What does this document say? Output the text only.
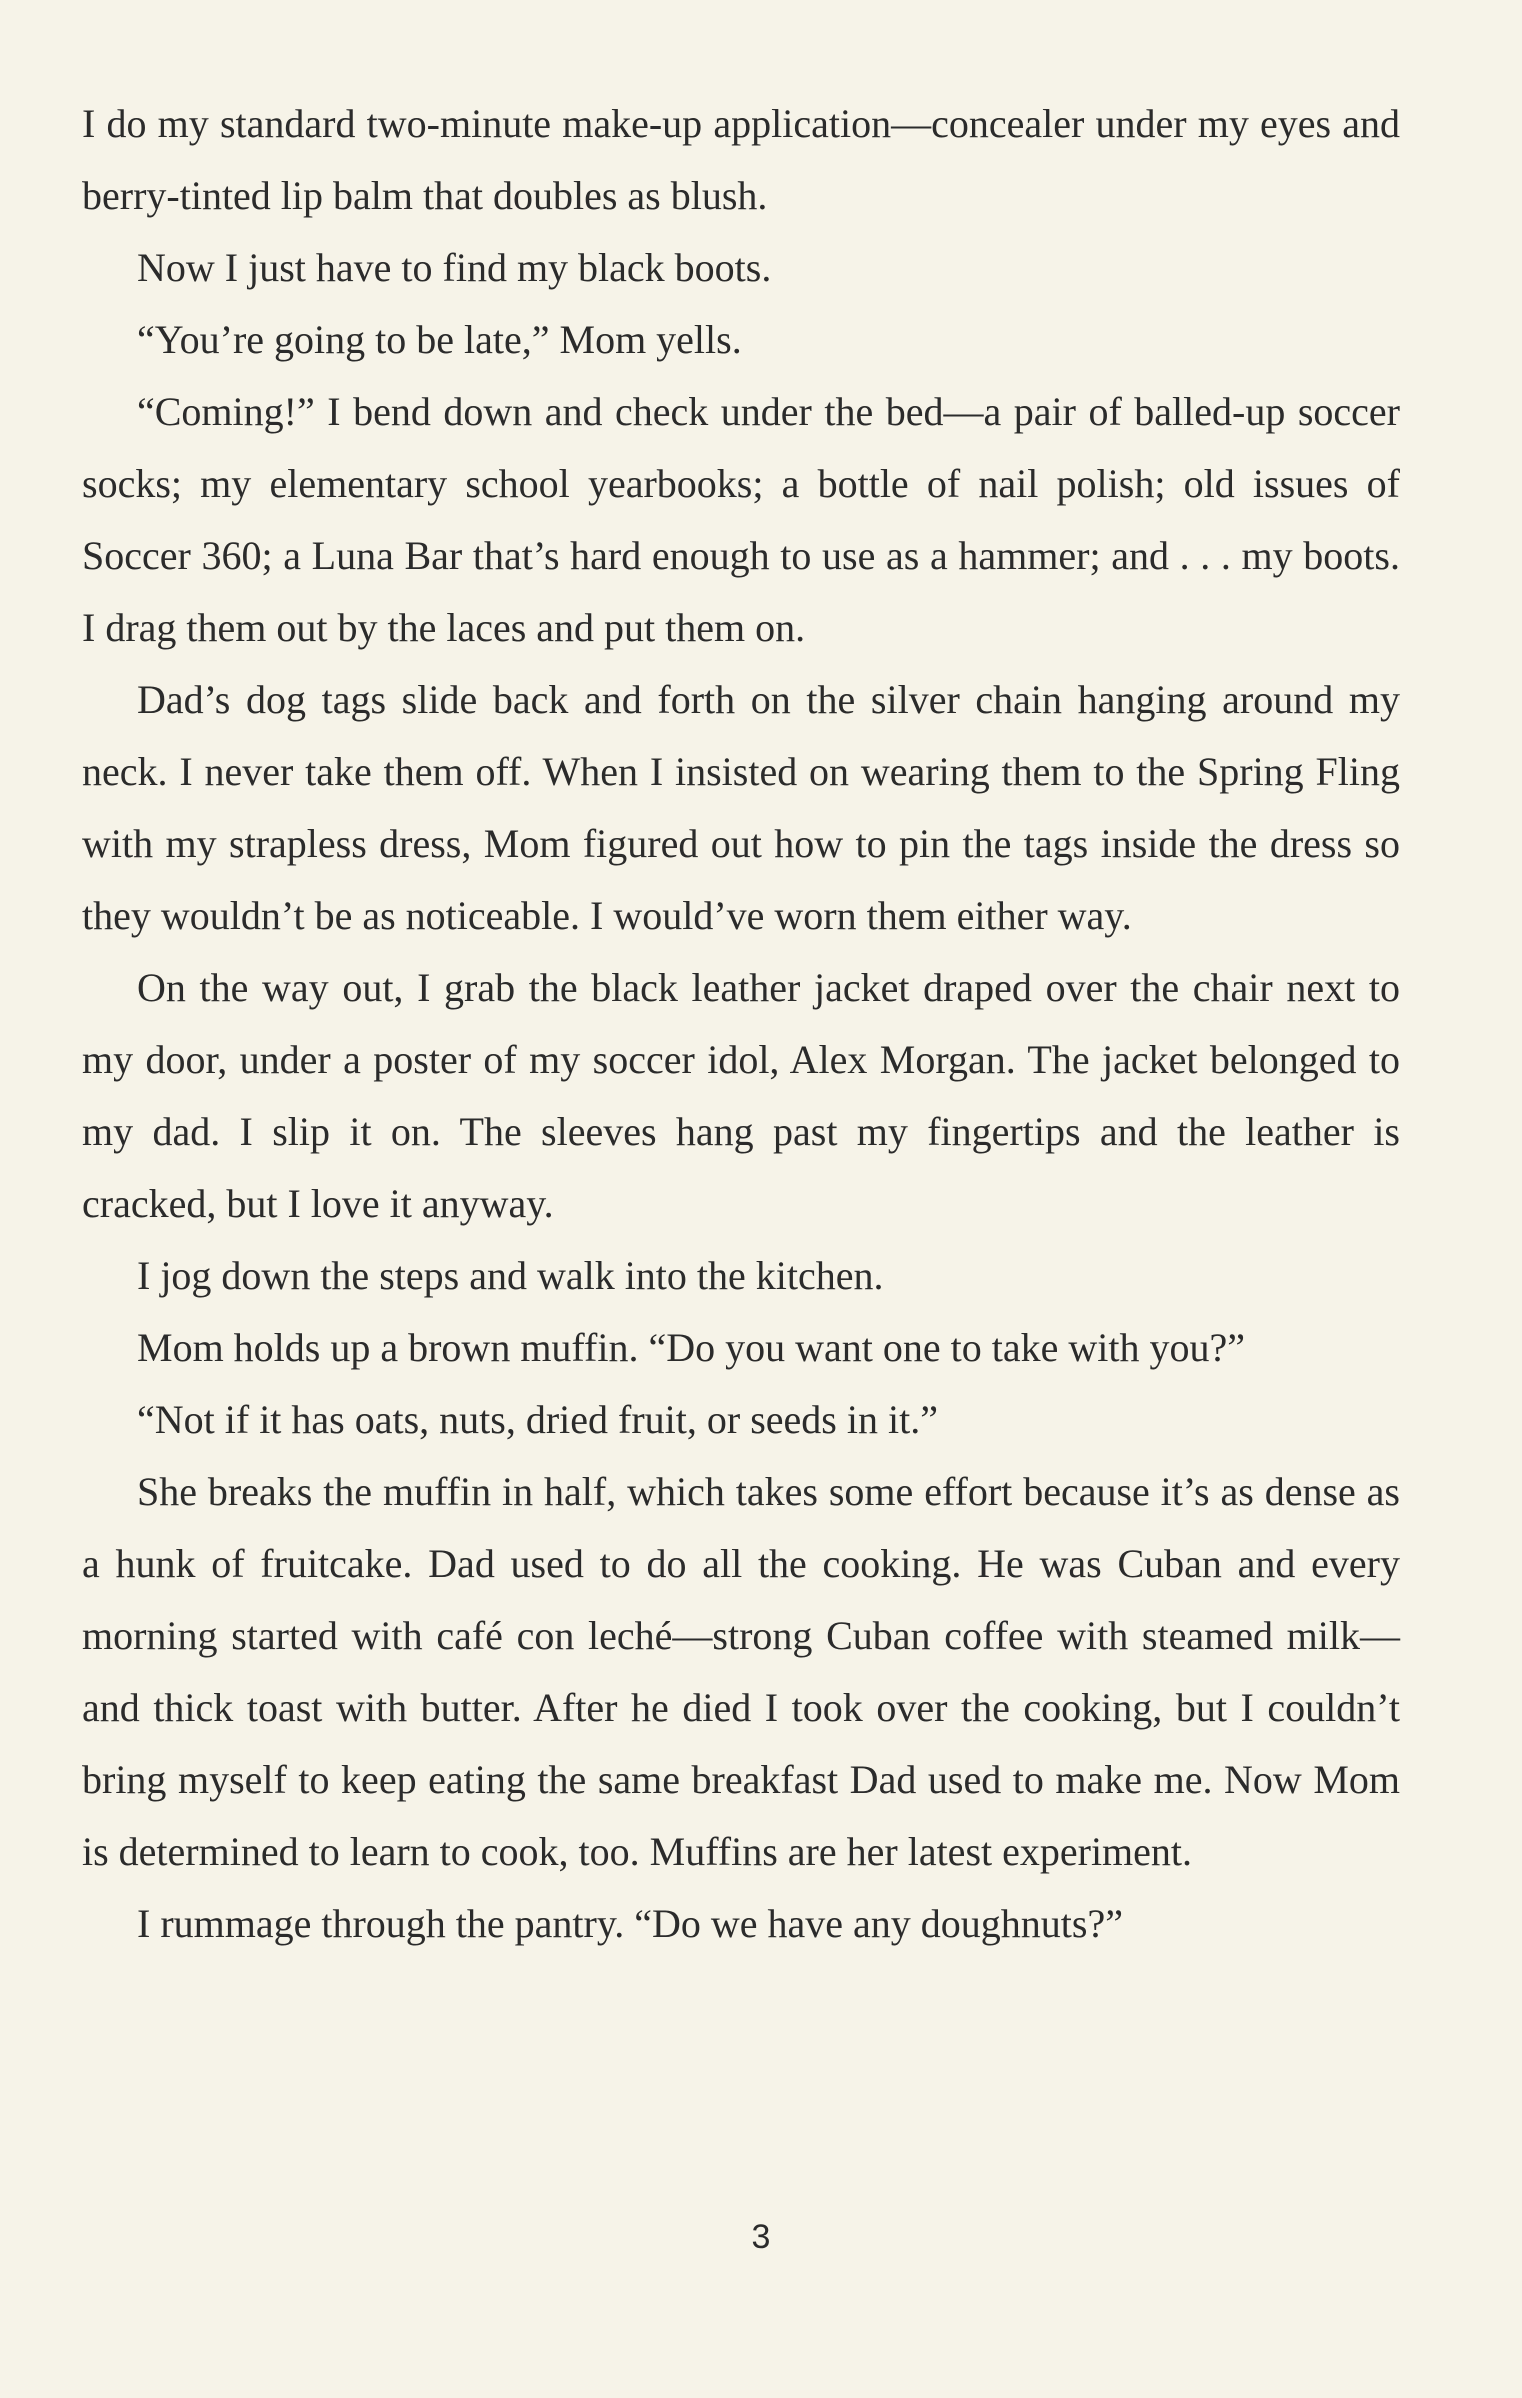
I do my standard two-minute make-up application—concealer under my eyes and berry-tinted lip balm that doubles as blush.

Now I just have to find my black boots.

“You’re going to be late,” Mom yells.

“Coming!” I bend down and check under the bed—a pair of balled-up soccer socks; my elementary school yearbooks; a bottle of nail polish; old issues of Soccer 360; a Luna Bar that’s hard enough to use as a hammer; and . . . my boots. I drag them out by the laces and put them on.

Dad’s dog tags slide back and forth on the silver chain hanging around my neck. I never take them off. When I insisted on wearing them to the Spring Fling with my strapless dress, Mom figured out how to pin the tags inside the dress so they wouldn’t be as noticeable. I would’ve worn them either way.

On the way out, I grab the black leather jacket draped over the chair next to my door, under a poster of my soccer idol, Alex Morgan. The jacket belonged to my dad. I slip it on. The sleeves hang past my fingertips and the leather is cracked, but I love it anyway.

I jog down the steps and walk into the kitchen.

Mom holds up a brown muffin. “Do you want one to take with you?”

“Not if it has oats, nuts, dried fruit, or seeds in it.”

She breaks the muffin in half, which takes some effort because it’s as dense as a hunk of fruitcake. Dad used to do all the cooking. He was Cuban and every morning started with café con leché—strong Cuban coffee with steamed milk—and thick toast with butter. After he died I took over the cooking, but I couldn’t bring myself to keep eating the same breakfast Dad used to make me. Now Mom is determined to learn to cook, too. Muffins are her latest experiment.

I rummage through the pantry. “Do we have any doughnuts?”

3
